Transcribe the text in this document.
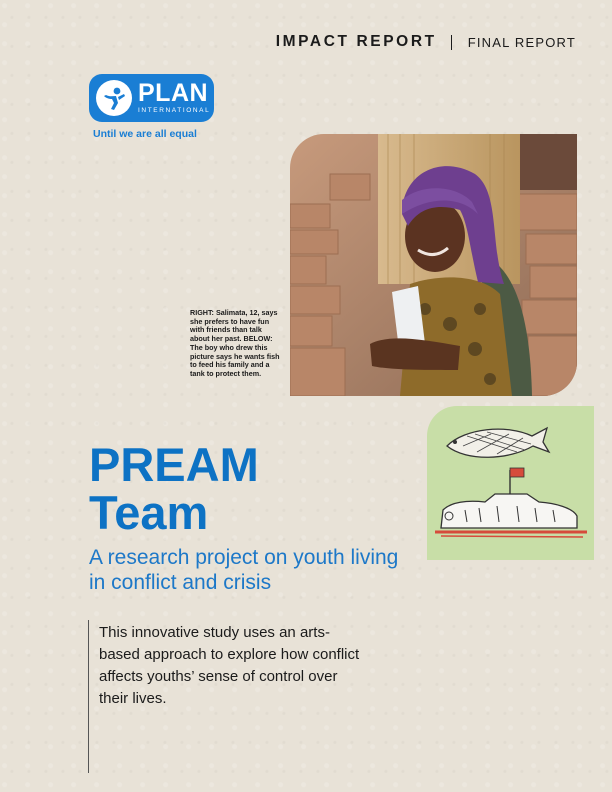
IMPACT REPORT FINAL REPORT
PLAN
INTERNATIONAL
Until we are all equal
RIGHT: Salimata, 12, says she prefers to have fun with friends than talk about her past. BELOW: The boy who drew this picture says he wants fish to feed his family and a tank to protect them.
PREAM
Team
A research project on youth living in conflict and crisis
This innovative study uses an arts-based approach to explore how conflict affects youths’ sense of control over their lives.
